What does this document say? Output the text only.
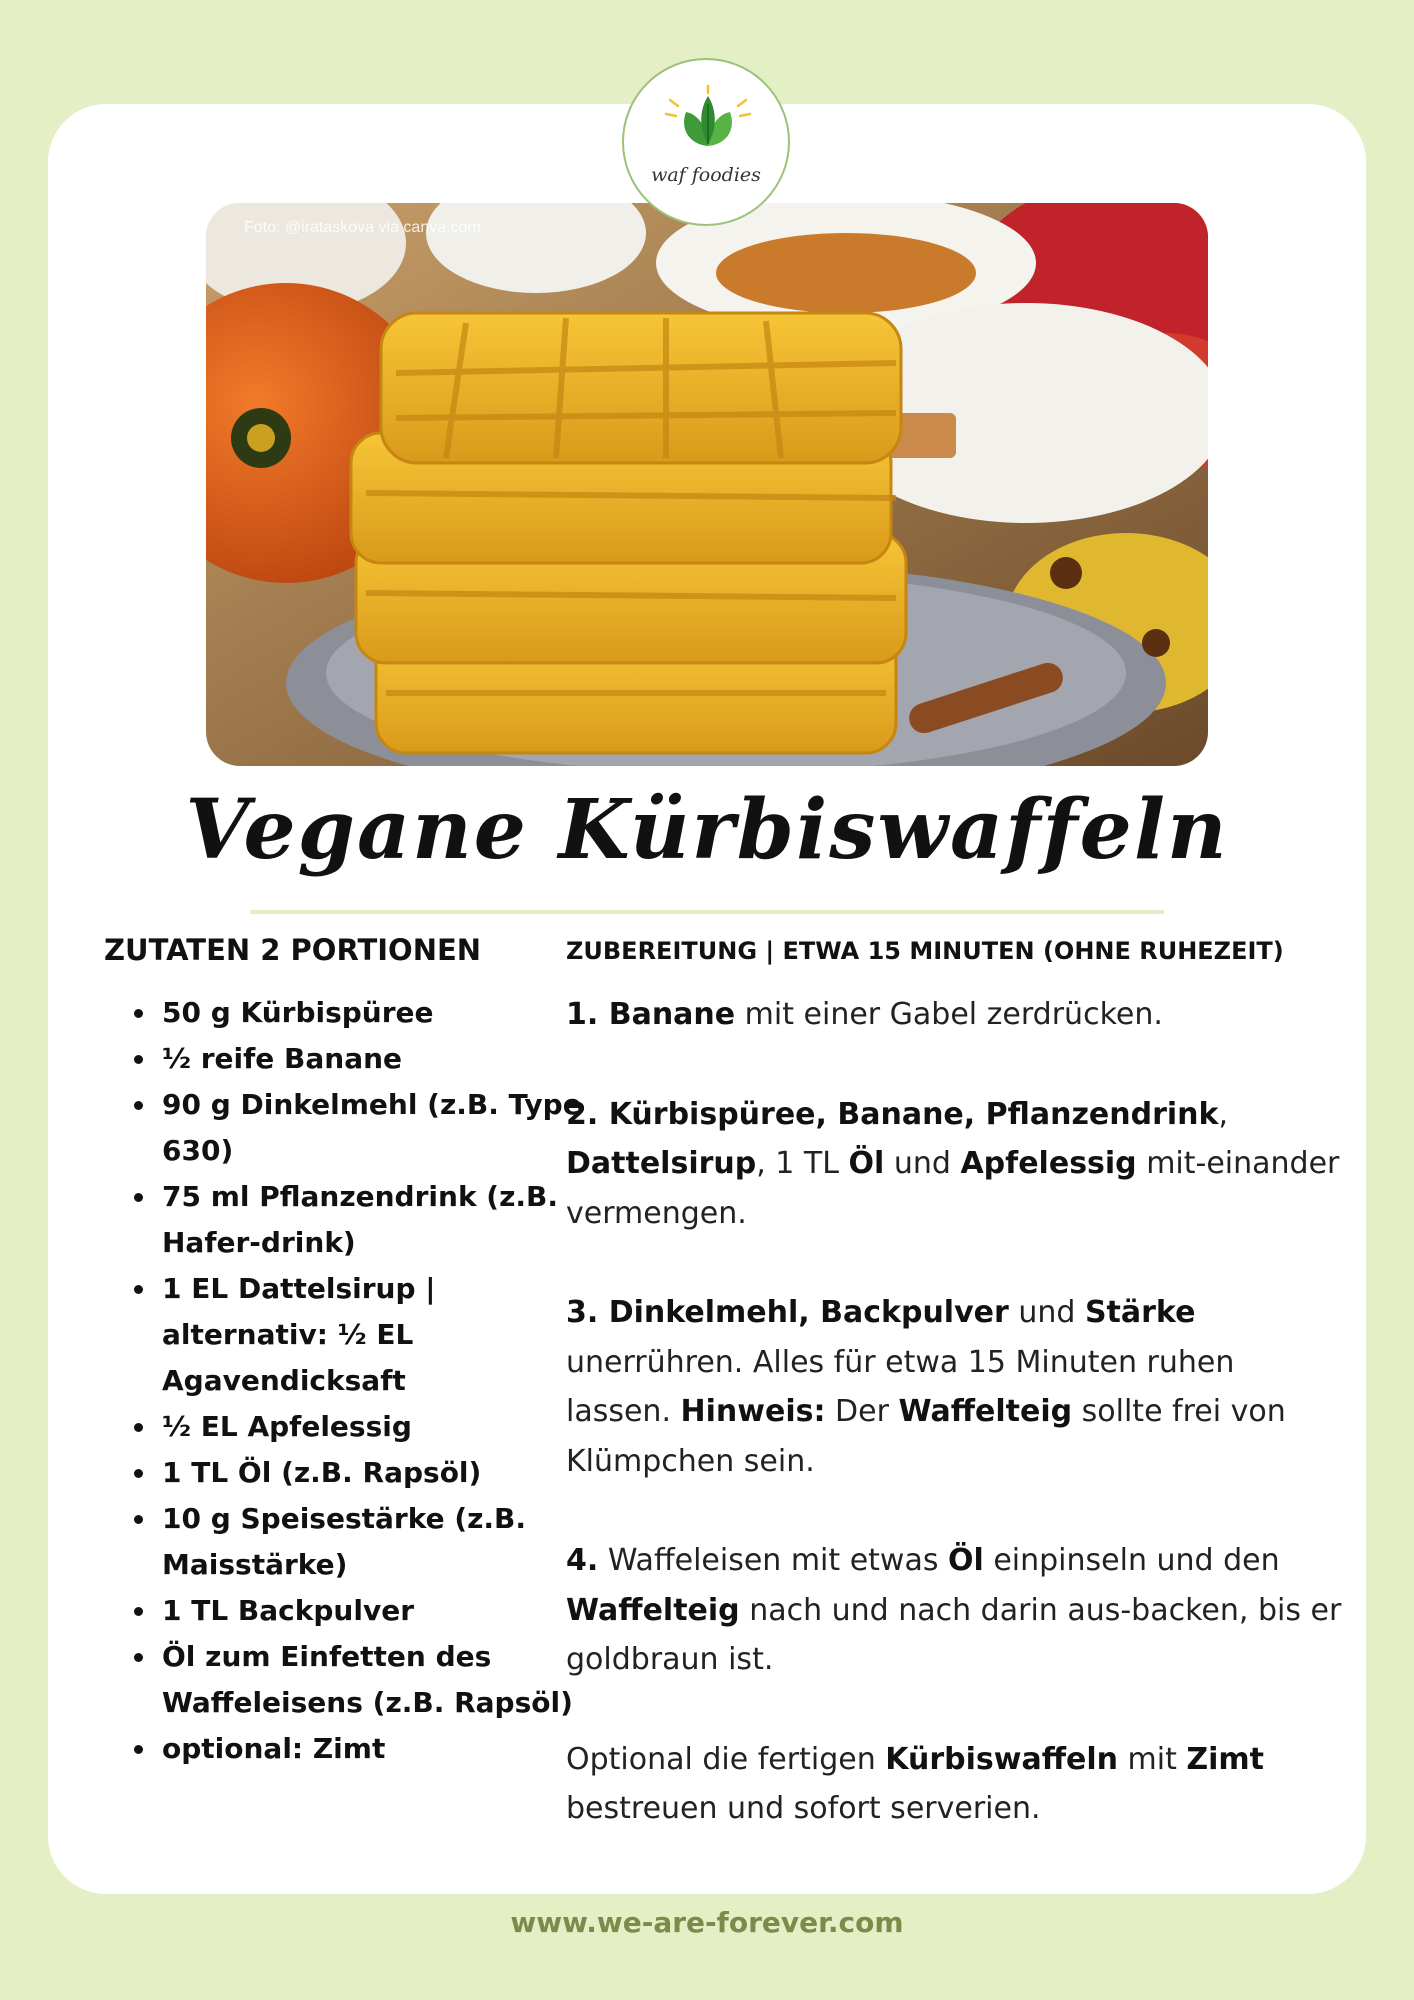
waf foodies
Foto: @irataskova via canva.com
Vegane Kürbiswaffeln
ZUTATEN 2 PORTIONEN
50 g Kürbispüree
½ reife Banane
90 g Dinkelmehl (z.B. Type 630)
75 ml Pflanzendrink (z.B. Hafer-drink)
1 EL Dattelsirup | alternativ: ½ EL Agavendicksaft
½ EL Apfelessig
1 TL Öl (z.B. Rapsöl)
10 g Speisestärke (z.B. Maisstärke)
1 TL Backpulver
Öl zum Einfetten des Waffeleisens (z.B. Rapsöl)
optional: Zimt
ZUBEREITUNG | ETWA 15 MINUTEN (OHNE RUHEZEIT)

1. Banane mit einer Gabel zerdrücken.

2. Kürbispüree, Banane, Pflanzendrink, Dattelsirup, 1 TL Öl und Apfelessig mit-einander vermengen.

3. Dinkelmehl, Backpulver und Stärke unerrühren. Alles für etwa 15 Minuten ruhen lassen. Hinweis: Der Waffelteig sollte frei von Klümpchen sein.

4. Waffeleisen mit etwas Öl einpinseln und den Waffelteig nach und nach darin aus-backen, bis er goldbraun ist.

Optional die fertigen Kürbiswaffeln mit Zimt bestreuen und sofort serverien.

www.we-are-forever.com
